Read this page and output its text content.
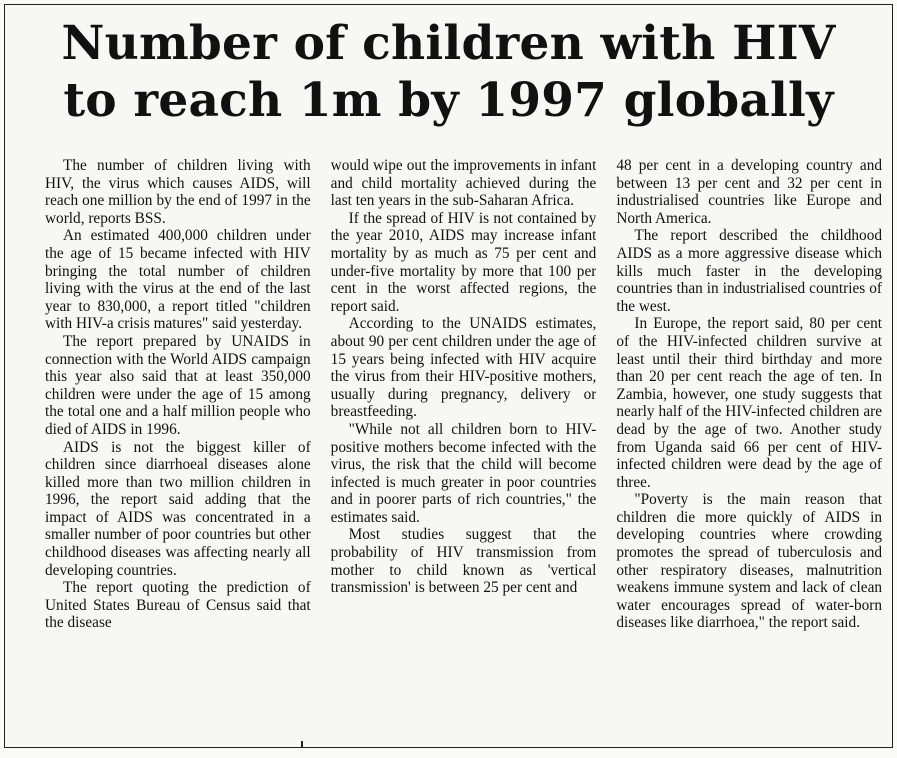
Number of children with HIV
to reach 1m by 1997 globally

The number of children living with HIV, the virus which causes AIDS, will reach one million by the end of 1997 in the world, reports BSS.

An estimated 400,000 children under the age of 15 became infected with HIV bringing the total number of children living with the virus at the end of the last year to 830,000, a report titled "children with HIV-a crisis matures" said yesterday.

The report prepared by UNAIDS in connection with the World AIDS campaign this year also said that at least 350,000 children were under the age of 15 among the total one and a half million people who died of AIDS in 1996.

AIDS is not the biggest killer of children since diarrhoeal diseases alone killed more than two million children in 1996, the report said adding that the impact of AIDS was concentrated in a smaller number of poor countries but other childhood diseases was affecting nearly all developing countries.

The report quoting the prediction of United States Bureau of Census said that the disease

would wipe out the improvements in infant and child mortality achieved during the last ten years in the sub-Saharan Africa.

If the spread of HIV is not contained by the year 2010, AIDS may increase infant mortality by as much as 75 per cent and under-five mortality by more that 100 per cent in the worst affected regions, the report said.

According to the UNAIDS estimates, about 90 per cent children under the age of 15 years being infected with HIV acquire the virus from their HIV-positive mothers, usually during pregnancy, delivery or breastfeeding.

"While not all children born to HIV-positive mothers become infected with the virus, the risk that the child will become infected is much greater in poor countries and in poorer parts of rich countries," the estimates said.

Most studies suggest that the probability of HIV transmission from mother to child known as 'vertical transmission' is between 25 per cent and

48 per cent in a developing country and between 13 per cent and 32 per cent in industrialised countries like Europe and North America.

The report described the childhood AIDS as a more aggressive disease which kills much faster in the developing countries than in industrialised countries of the west.

In Europe, the report said, 80 per cent of the HIV-infected children survive at least until their third birthday and more than 20 per cent reach the age of ten. In Zambia, however, one study suggests that nearly half of the HIV-infected children are dead by the age of two. Another study from Uganda said 66 per cent of HIV-infected children were dead by the age of three.

"Poverty is the main reason that children die more quickly of AIDS in developing countries where crowding promotes the spread of tuberculosis and other respiratory diseases, malnutrition weakens immune system and lack of clean water encourages spread of water-born diseases like diarrhoea," the report said.
